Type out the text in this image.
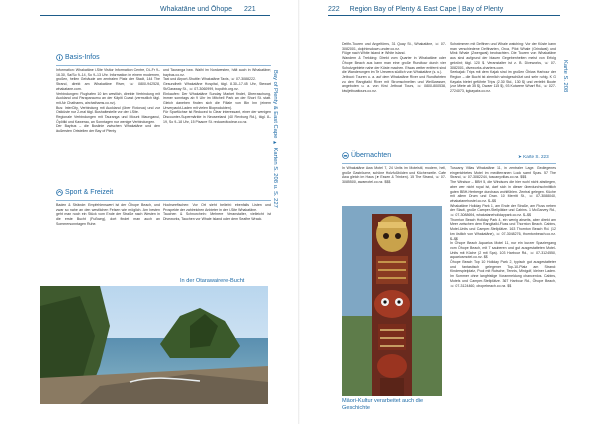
Whakatāne und Ōhope 221
Basis-Infos

Information: Whakatāne i-Site Visitor Information Centre, Di–Fr 9–16.30, Sa/So 9–14, So 9–13 Uhr. Information in einem modernen, großen, hellen Gebäude am zentralen Platz der Stadt, 144 The Strand, direkt am Whakatāne River, ☏ 0800-942528, whakatane.com.

Verbindungen: Flughafen 10 km westlich, direkte Verbindung mit Auckland und Paraparaumu an der Kāpiti Coast (vermutlich tägl. mit Air Chathams, airchathams.co.nz).

Bus: InterCity, Verbindung mit Auckland (über Rotorua) und zur Ostküste nur 2-mal tägl. Bushaltestelle vor der i-Site.

Regionale Verbindungen mit Tauranga und Mount Maunganui, Ōpōtiki und Kawerau, an Sonntagen nur wenige Verbindungen.

Der Baybus – die Buslinie zwischen Whakatāne und den äußersten Ortsteilen der Bay of Plenty

und Tauranga bzw. Waihi im Nordwesten, hält auch in Whakatāne; baybus.co.nz.

Taxi und Airport-Shuttle: Whakatāne Taxis, ☏ 07-3088222.

Gesundheit: Whakatāne Hospital, tägl. 8.30–17.45 Uhr, Stewart St/Garaway St., ☏ 07-3060999, bopdhb.org.nz.

Einkaufen: Der Whakatāne Sunday Market findet, Überraschung, immer sonntags ab 9 Uhr im Mitchell Park an der Short St. statt. Gleich daneben finden sich die Filiale von Bin Inn (einem Unverpackt-Laden mit vielen Bioprodukten).

Für Sparfüchse ist Reduced to Clear interessant, einer der wenigen Discounter-Supermärkte in Neuseeland (40 Rexburg Rd.), tägl. 8–19, So 9–18 Uhr, 15 Pisacre St. reducedtoclear.co.nz.

Sport & Freizeit

Baden & Strände: Empfehlenswert ist der Ōhope Beach, und zwar so nahe an den westlichen Felsen wie möglich. Am besten geht man noch ein Stück vom Ende der Straße nach Westen in die erste Bucht (Fußweg), dort findet man auch an Sommersonntagen Ruhe.

Hochseefischen: Vor Ort sieht beliebt: ebenfalls Listen und Prospekte der zahlreichen Anbieter in der i-Site Whakatāne.

Tauchen & Schnorcheln: Mehrere Veranstalter, vielleicht ist Diveworks, Tauchen vor Whale Island oder dem Seafire Wrack.

In der Otarawairere-Bucht
Bay of Plenty & East Cape ▸ Karten S. 208 u. S. 227
222 Region Bay of Plenty & East Cape | Bay of Plenty

Delfin-Touren und Angeltörns, 31 Quay St., Whakatāne, ☏ 07-3082001, dolphinsdown-under.co.nz.

Flüge nach White Island ➤ White Island.

Wandern & Trekking: Direkt vom Quarter in Whakatāne oder Ōhope Beach aus kann man eine große Rundtour durch vier Schutzgebiete nahe der Küste machen. Etwas weiter entfernt sind die Wanderungen im Te Urewera südlich von Whakatāne (s. u.).

Jetboot: Touren u. a. auf dem Whakatāne River und Rundfahrten zu den Rangitaiki River mit Stromschnellen und Weißwasser, angeboten u. a. von Kiwi Jetboat Tours, ☏ 0800-800538, kiwijetboattours.co.nz.

Schwimmen mit Delfinen und Whale watching: Vor der Küste kann man verschiedene Delfinarten, Orca, Pilot Whale (Grindwal) und Mink Whale (Zwergwal) beobachten. Die Touren von Whakatāne aus sind aufgrund der blauen Gegebenheiten meist von Erfolg gekrönt; tägl. 120 $. Veranstalter ist z. B. Diveworks, ☏ 07-3082001, diveworks-charters.com.

Seekajak: Trips mit dem Kajak sind im großen Ōhiwa Harbour der Region – die Bucht ist ziemlich windgeschützt und sehr ruhig. K G Kayaks bietet geführte Trips (2.30 Std., 130 $) und verleiht Boote (zur Miete ab 35 $), Dwaer 115 $), 93 Kutarere Wharf Rd., ☏ 027-2724073, kgkayaks.co.nz.

Übernachten	➤ Karte S. 223

In Whakatāne Awa Motel 7, 24 Units im Motelstil, modern, hell, große Gaströume, schöne Holzfußböden und Küchenzeile. Cafe Awa gleich im Haus (➤ Essen & Trinken). 15 The Strand, ☏ 07-3085500, awamotel.co.nz. $$$

Tuscany Villas Whakatāne 11, in zentraler Lage. Gediegenes eingerichtetes Motel im mediterranen Look samt Spas. 57 The Strand, ☏ 07-3082244, tuscanyvillas.co.nz. $$$

The Windsor – BBH 5, die Windsors die hier wohl nicht abstiegen, aber wer nicht royal ist, darf sich in dieser überdurchschnittlich guten BBH-Herberge durchaus wohlfühlen. Zentral gelegen. Küche mit allem Drum und Dran. 10 Merritt St., ☏ 07-3088040, whakatanehostel.co.nz. $–$$

Whakatāne Holiday Park 1, am Ende der Straße, am Fluss neben der Stadt, große Camper-Stellplätze und Cabins. 1 McGarvey Rd., ☏ 07-3088694, whakataneholidaypark.co.nz. $–$$

Thornton Beach Holiday Park 4, ein wenig abseits, aber direkt am Meer zwischen dem Rangitaiki-Fluss und Thornton Beach. Cabins, Motel-Units und Camper-Stellplätze. 163 Thornton Beach Rd. (12 km östlich von Whakatāne), ☏ 07-3048276, thorntonbeach.co.nz. $–$$

In Ōhope Beach Aquarius Motel 11, nur ein kurzer Spaziergang vom Ōhope Beach, mit 7 sauberen und gut ausgestatteten Motel-Units mit Küche (2 mit Spa). 103 Harbour Rd., ☏ 07-3124550, aquariusmotel.co.nz. $$

Ōhope Beach Top 10 Holiday Park 2, typisch gut ausgestatteter und fantastisch gelegener Top-10-Platz am Strand: Kinderspielplatz, Pool mit Rutsche, Tennis, Minigolf, kleiner Laden. Im Sommer ohne langfristige Voranmeldung chancenlos. Cabins, Motels und Camper-Stellplätze. 367 Harbour Rd., Ōhope Beach, ☏ 07-3124460, ohopebeach.co.nz. $$

Māori-Kultur verarbeitet auch die Geschichte
Karte S. 208
